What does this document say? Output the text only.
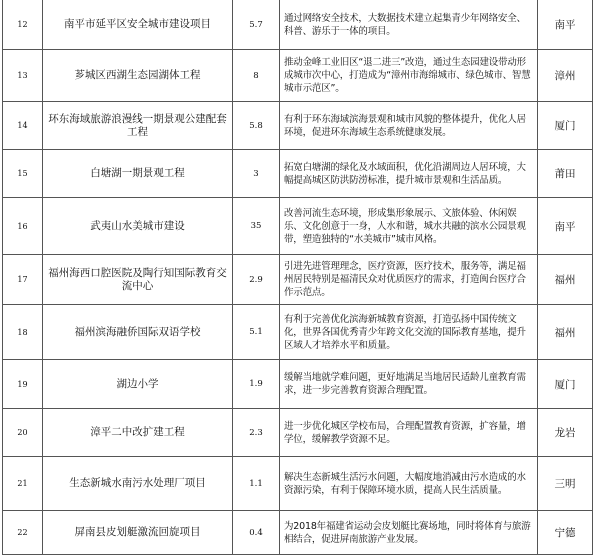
12	南平市延平区安全城市建设项目	5.7	通过网络安全技术，大数据技术建立起集青少年网络安全、科普、游乐于一体的项目。	南平
13	芗城区西湖生态园湖体工程	8	推动金峰工业旧区“退二进三”改造，通过生态园建设带动形成城市次中心，打造成为“漳州市海绵城市、绿色城市、智慧城市示范区”。	漳州
14	环东海域旅游浪漫线一期景观公建配套工程	5.8	有利于环东海域滨海景观和城市风貌的整体提升，优化人居环境，促进环东海域生态系统健康发展。	厦门
15	白塘湖一期景观工程	3	拓宽白塘湖的绿化及水域面积，优化沿湖周边人居环境，大幅提高城区防洪防涝标准，提升城市景观和生活品质。	莆田
16	武夷山水美城市建设	35	改善河流生态环境，形成集形象展示、文旅体验、休闲娱乐、文化创意于一身，人水和谐，城水共融的滨水公园景观带，塑造独特的“水美城市”城市风格。	南平
17	福州海西口腔医院及陶行知国际教育交流中心	2.9	引进先进管理理念，医疗资源，医疗技术，服务等，满足福州居民特别是福清民众对优质医疗的需求，打造闽台医疗合作示范点。	福州
18	福州滨海融侨国际双语学校	5.1	有利于完善优化滨海新城教育资源，打造弘扬中国传统文化，世界各国优秀青少年跨文化交流的国际教育基地，提升区域人才培养水平和质量。	福州
19	湖边小学	1.9	缓解当地就学难问题，更好地满足当地居民适龄儿童教育需求，进一步完善教育资源合理配置。	厦门
20	漳平二中改扩建工程	2.3	进一步优化城区学校布局，合理配置教育资源，扩容量，增学位，缓解教学资源不足。	龙岩
21	生态新城水南污水处理厂项目	1.1	解决生态新城生活污水问题，大幅度地消减由污水造成的水资源污染，有利于保障环境水质，提高人民生活质量。	三明
22	屏南县皮划艇激流回旋项目	0.4	为2018年福建省运动会皮划艇比赛场地，同时将体育与旅游相结合，促进屏南旅游产业发展。	宁德
